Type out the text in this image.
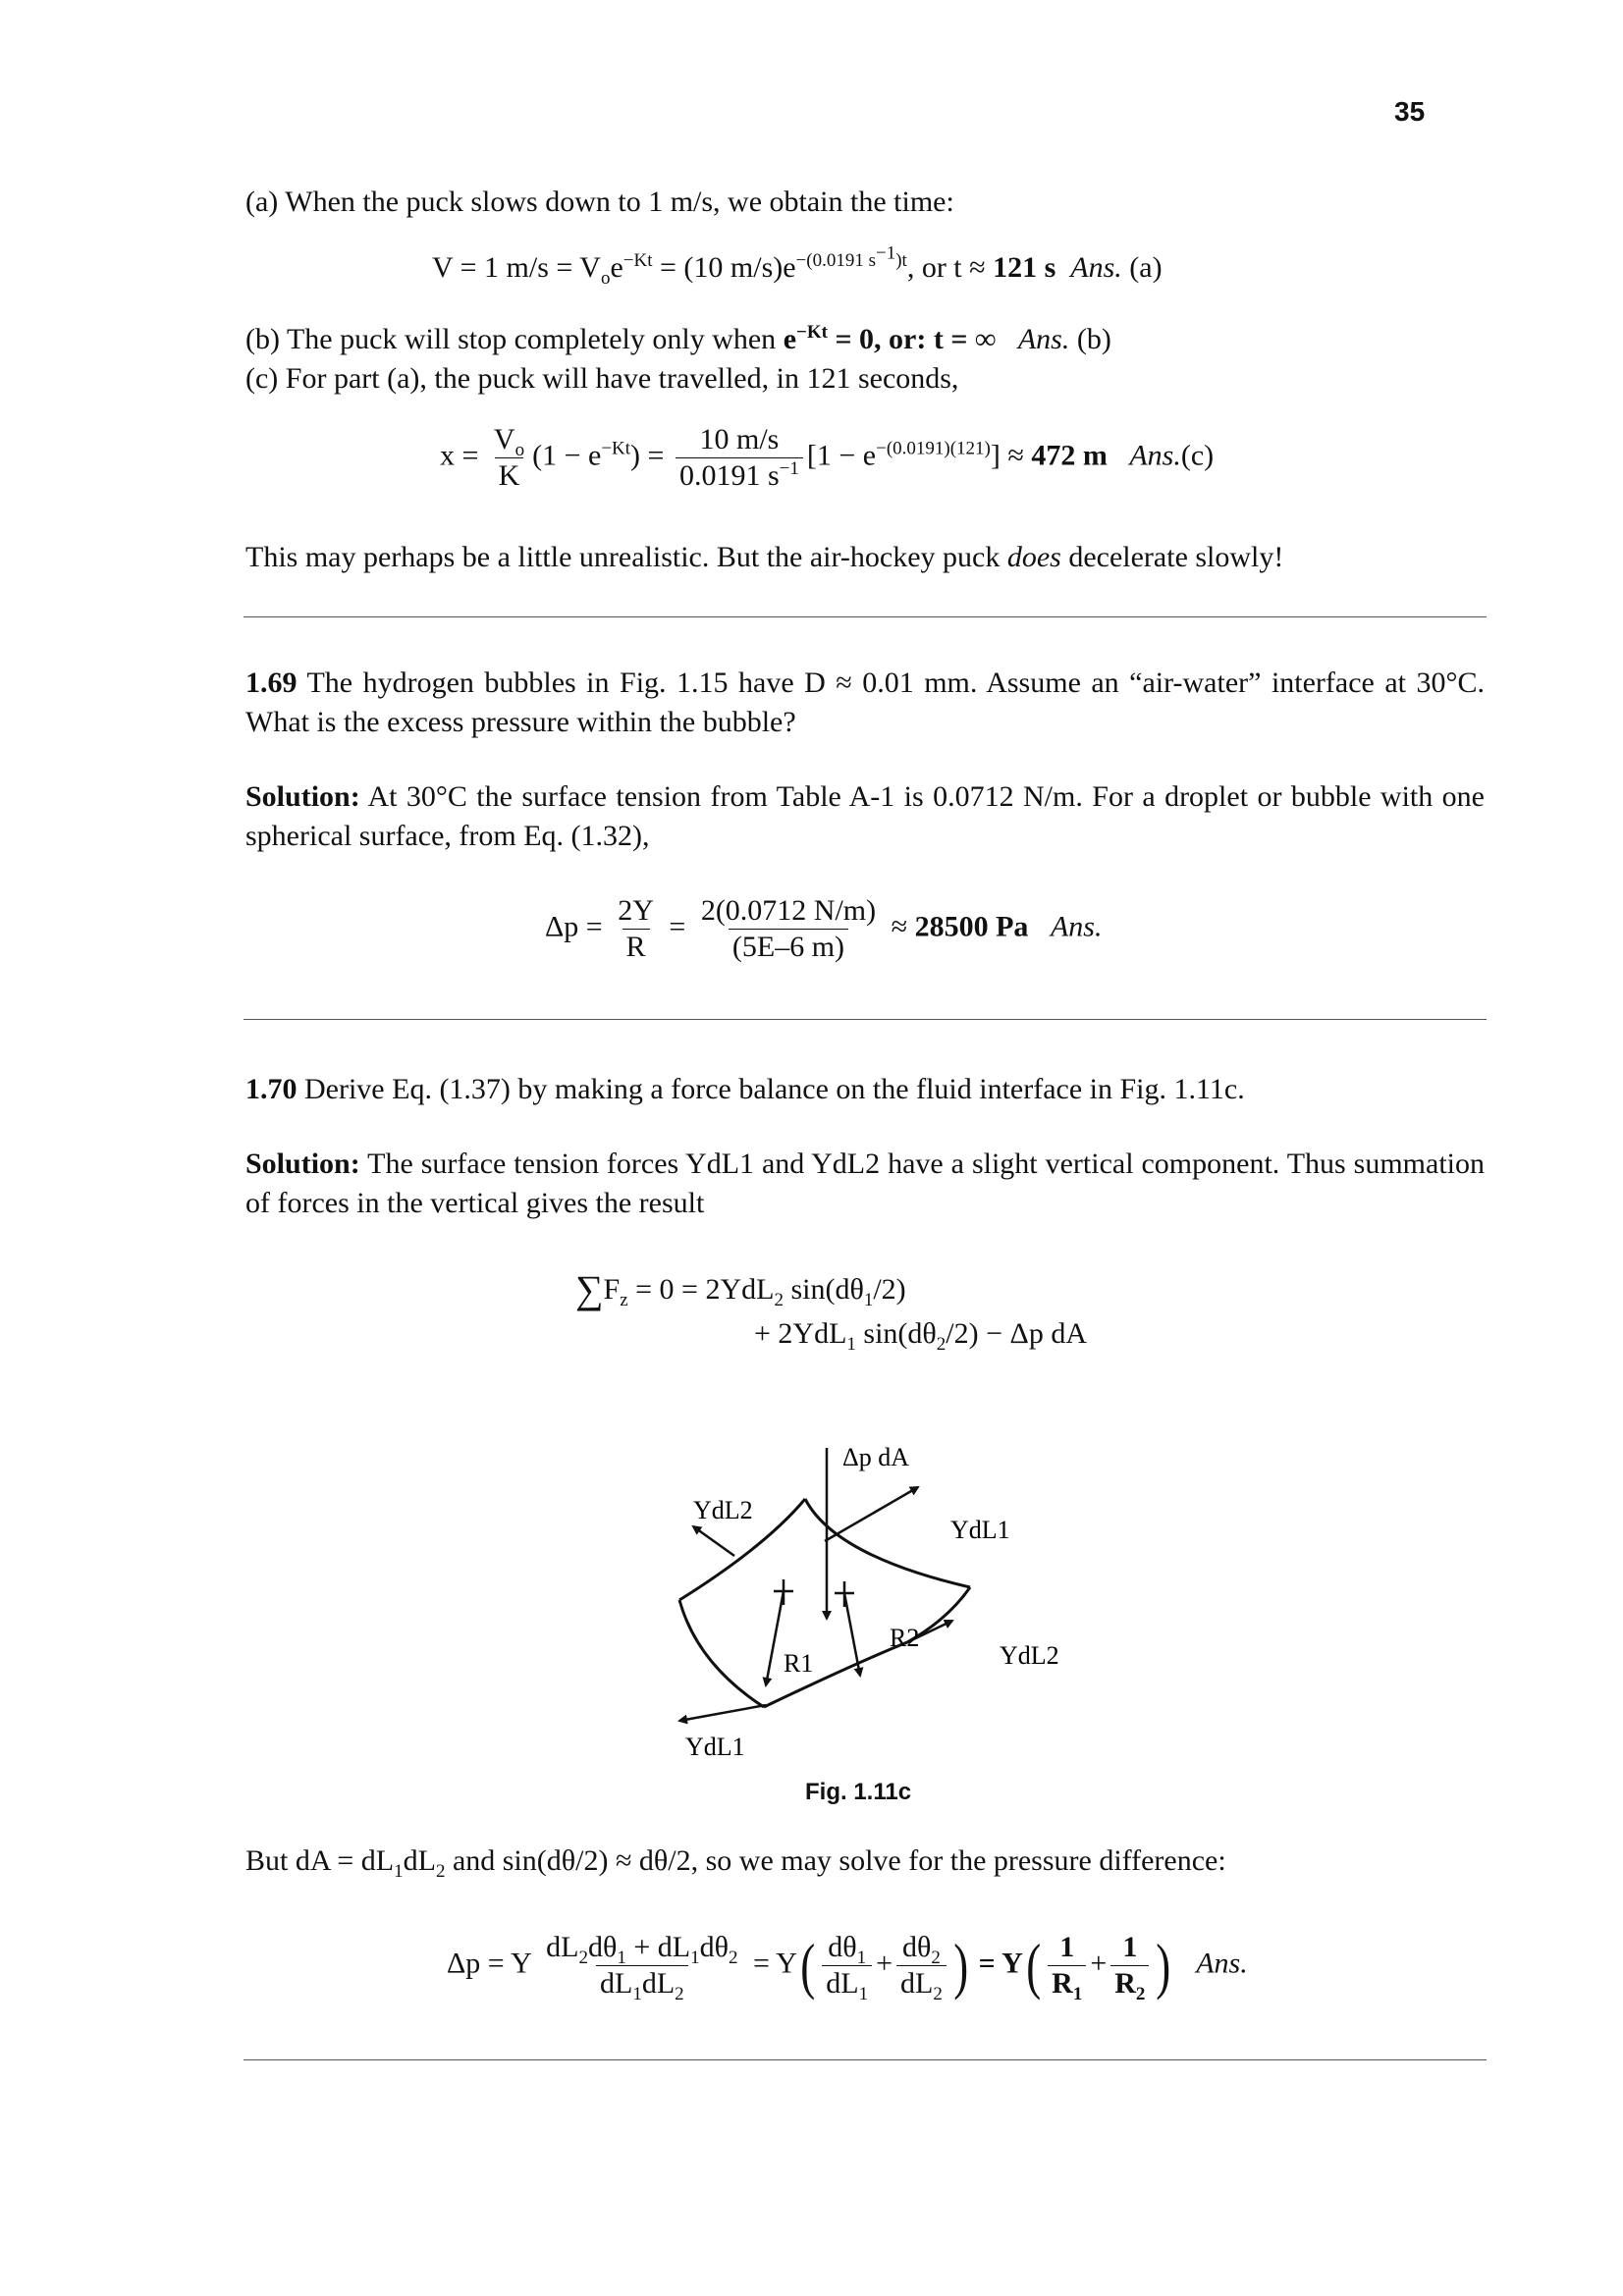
35
(a) When the puck slows down to 1 m/s, we obtain the time:
V = 1 $m/s = V_oe^{-Kt} = (10$ $m/s)e^{-(0.0191 s^{-1})t}$, or t ≈ 121 s Ans. (a)
(b) The puck will stop completely only when $e^{-Kt} = 0$, or: t = ∞ Ans. (b)
(c) For part (a), the puck will have travelled, in 121 seconds,
$x = \frac{V_o}{K} (1 - e^{-Kt}) = \frac{10 m/s}{0.0191 s^{-1}} [1 - e^{-(0.0191)(121)}] \approx 472$ m Ans.(c)
This may perhaps be a little unrealistic. But the air-hockey puck does decelerate slowly!
1.69 The hydrogen bubbles in Fig. 1.15 have D ≈ 0.01 mm. Assume an “air-water” interface at 30°C. What is the excess pressure within the bubble?
Solution: At 30°C the surface tension from Table A-1 is 0.0712 N/m. For a droplet or bubble with one spherical surface, from Eq. (1.32),
$\Delta p = \frac{2Y}{R} = \frac{2(0.0712 N/m)}{(5E-6 m)} \approx 28500$ Pa Ans.
1.70 Derive Eq. (1.37) by making a force balance on the fluid interface in Fig. 1.11c.
Solution: The surface tension forces YdL1 and YdL2 have a slight vertical component. Thus summation of forces in the vertical gives the result
$\sum F_z = 0 = 2YdL_2$ $\sin(d\theta_1/2)$
+ 2YdL$_1$ $\sin(d\theta_2/2) - \Delta p$ dA
Δp dA
YdL2
YdL1
R1
R2
YdL2
YdL1
Fig. 1.11c
But dA = $dL_1dL_2$ and sin(dθ/2) ≈ dθ/2, so we may solve for the pressure difference:
Δp = Y $\frac{dL_2d\theta_1 + dL_1d\theta_2}{dL_1dL_2} = Y( \frac{d\theta_1}{dL_1} + \frac{d\theta_2}{dL_2}$ ) = $Y( \frac{1}{R_1} + \frac{1}{R_2}$ ) Ans.
